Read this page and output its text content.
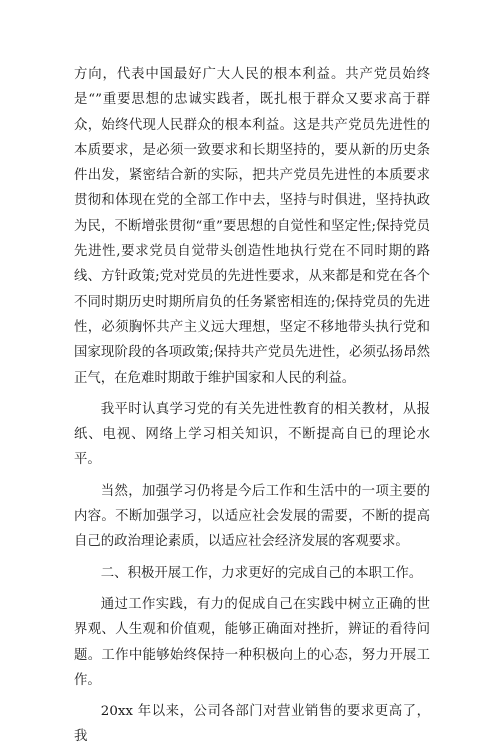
方向，代表中国最好广大人民的根本利益。共产党员始终是“”重要思想的忠诚实践者，既扎根于群众又要求高于群众，始终代现人民群众的根本利益。这是共产党员先进性的本质要求，是必须一致要求和长期坚持的，要从新的历史条件出发，紧密结合新的实际，把共产党员先进性的本质要求贯彻和体现在党的全部工作中去，坚持与时俱进，坚持执政为民，不断增张贯彻“重”要思想的自觉性和坚定性;保持党员先进性,要求党员自觉带头创造性地执行党在不同时期的路线、方针政策;党对党员的先进性要求，从来都是和党在各个不同时期历史时期所肩负的任务紧密相连的;保持党员的先进性，必须胸怀共产主义远大理想，坚定不移地带头执行党和国家现阶段的各项政策;保持共产党员先进性，必须弘扬昂然正气，在危难时期敢于维护国家和人民的利益。

我平时认真学习党的有关先进性教育的相关教材，从报纸、电视、网络上学习相关知识，不断提高自已的理论水平。

当然，加强学习仍将是今后工作和生活中的一项主要的内容。不断加强学习，以适应社会发展的需要，不断的提高自己的政治理论素质，以适应社会经济发展的客观要求。

二、积极开展工作，力求更好的完成自己的本职工作。

通过工作实践，有力的促成自己在实践中树立正确的世界观、人生观和价值观，能够正确面对挫折，辨证的看待问题。工作中能够始终保持一种积极向上的心态，努力开展工作。

20xx 年以来，公司各部门对营业销售的要求更高了，我
